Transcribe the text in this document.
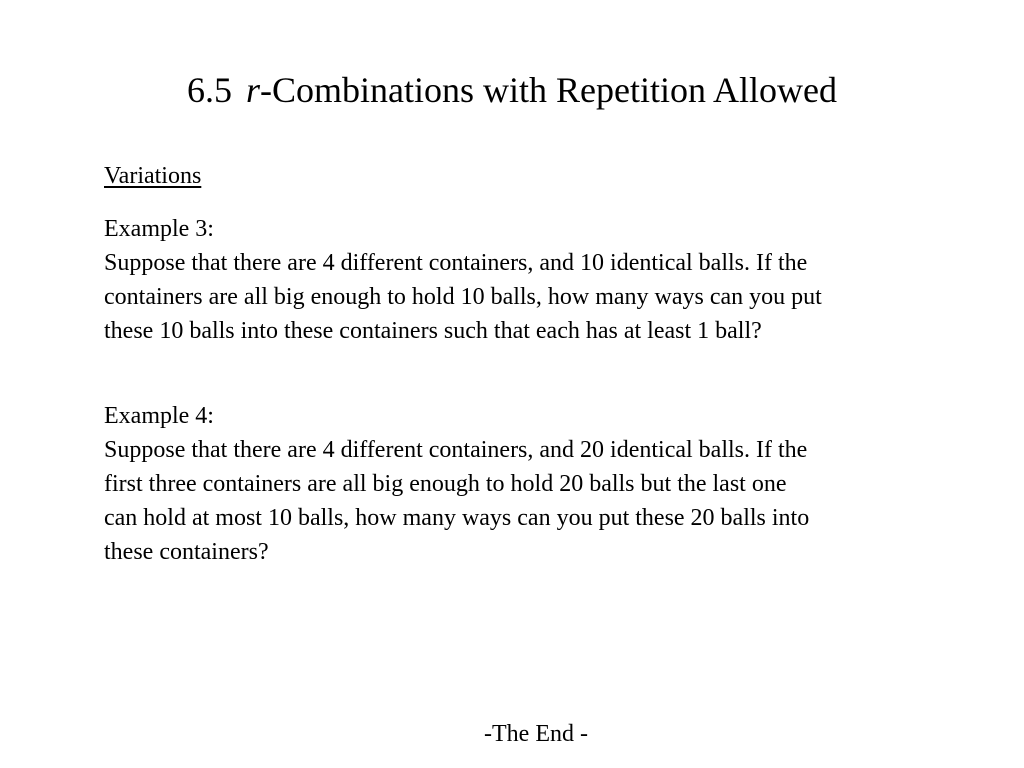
6.5 r-Combinations with Repetition Allowed
Variations
Example 3:
Suppose that there are 4 different containers, and 10 identical balls. If the
containers are all big enough to hold 10 balls, how many ways can you put
these 10 balls into these containers such that each has at least 1 ball?
Example 4:
Suppose that there are 4 different containers, and 20 identical balls. If the
first three containers are all big enough to hold 20 balls but the last one
can hold at most 10 balls, how many ways can you put these 20 balls into
these containers?
-The End -
